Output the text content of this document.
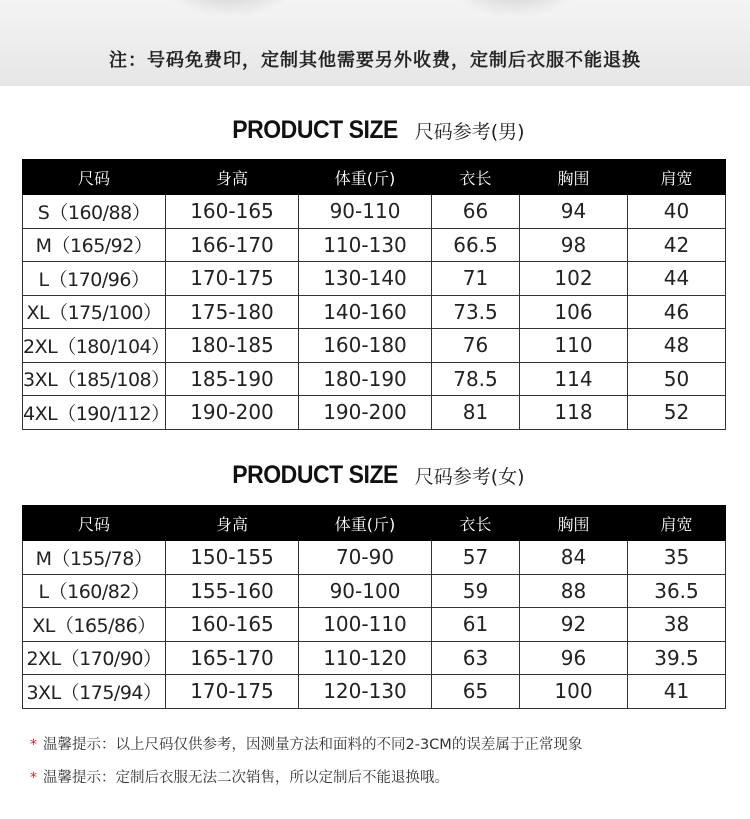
注：号码免费印，定制其他需要另外收费，定制后衣服不能退换
PRODUCT SIZE 尺码参考(男)
尺码	身高	体重(斤)	衣长	胸围	肩宽
S（160/88）	160-165	90-110	66	94	40
M（165/92）	166-170	110-130	66.5	98	42
L（170/96）	170-175	130-140	71	102	44
XL（175/100）	175-180	140-160	73.5	106	46
2XL（180/104）	180-185	160-180	76	110	48
3XL（185/108）	185-190	180-190	78.5	114	50
4XL（190/112）	190-200	190-200	81	118	52
PRODUCT SIZE 尺码参考(女)
尺码	身高	体重(斤)	衣长	胸围	肩宽
M（155/78）	150-155	70-90	57	84	35
L（160/82）	155-160	90-100	59	88	36.5
XL（165/86）	160-165	100-110	61	92	38
2XL（170/90）	165-170	110-120	63	96	39.5
3XL（175/94）	170-175	120-130	65	100	41
* 温馨提示：以上尺码仅供参考，因测量方法和面料的不同2-3CM的误差属于正常现象
* 温馨提示：定制后衣服无法二次销售，所以定制后不能退换哦。
